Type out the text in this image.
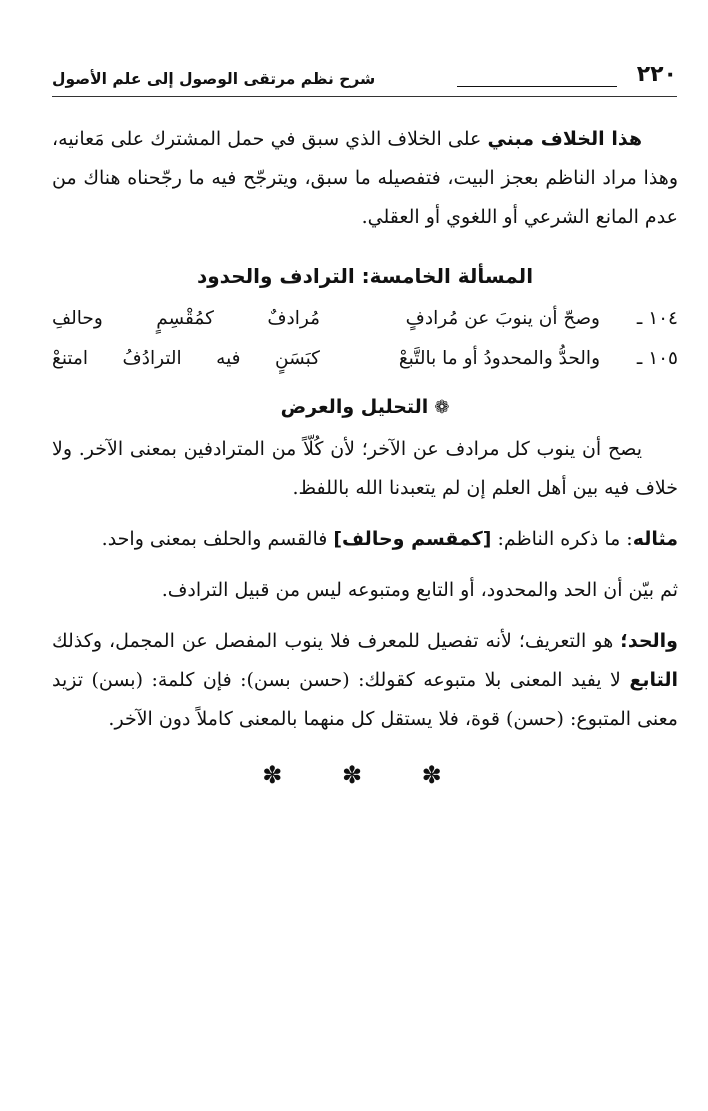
٢٢٠
شرح نظم مرتقى الوصول إلى علم الأصول

هذا الخلاف مبني على الخلاف الذي سبق في حمل المشترك على مَعانيه، وهذا مراد الناظم بعجز البيت، فتفصيله ما سبق، ويترجّح فيه ما رجّحناه هناك من عدم المانع الشرعي أو اللغوي أو العقلي.

المسألة الخامسة: الترادف والحدود
١٠٤ ـ
وصحّ أن ينوبَ عن مُرادفٍ
مُرادفٌ كمُقْسِمٍ وحالفِ
١٠٥ ـ
والحدُّ والمحدودُ أو ما بالتَّبعْ
كبَسَنٍ فيه الترادُفُ امتنعْ
❁التحليل والعرض

يصح أن ينوب كل مرادف عن الآخر؛ لأن كُلّاً من المترادفين بمعنى الآخر. ولا خلاف فيه بين أهل العلم إن لم يتعبدنا الله باللفظ.

مثاله: ما ذكره الناظم: [كمقسم وحالف] فالقسم والحلف بمعنى واحد.

ثم بيّن أن الحد والمحدود، أو التابع ومتبوعه ليس من قبيل الترادف.

والحد؛ هو التعريف؛ لأنه تفصيل للمعرف فلا ينوب المفصل عن المجمل، وكذلك التابع لا يفيد المعنى بلا متبوعه كقولك: (حسن بسن): فإن كلمة: (بسن) تزيد معنى المتبوع: (حسن) قوة، فلا يستقل كل منهما بالمعنى كاملاً دون الآخر.

✽ ✽ ✽
